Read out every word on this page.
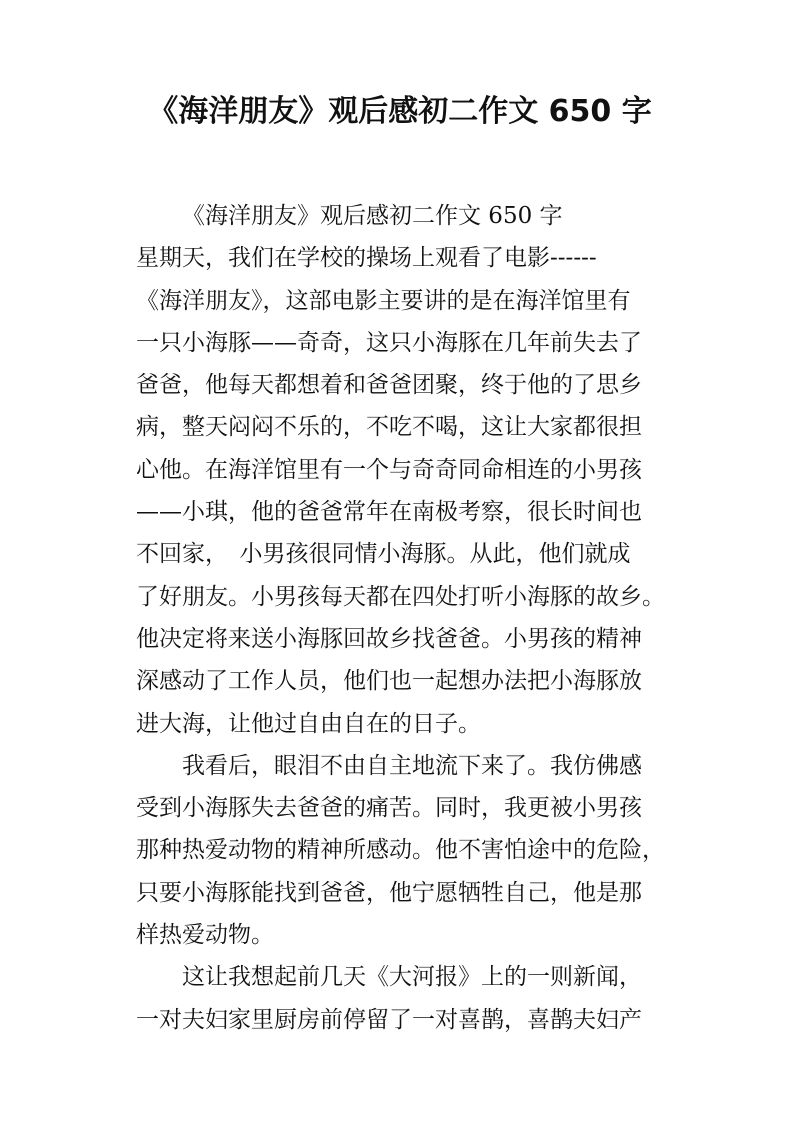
《海洋朋友》观后感初二作文 650 字
《海洋朋友》观后感初二作文 650 字
星期天，我们在学校的操场上观看了电影------
《海洋朋友》，这部电影主要讲的是在海洋馆里有
一只小海豚——奇奇，这只小海豚在几年前失去了
爸爸，他每天都想着和爸爸团聚，终于他的了思乡
病，整天闷闷不乐的，不吃不喝，这让大家都很担
心他。在海洋馆里有一个与奇奇同命相连的小男孩
——小琪，他的爸爸常年在南极考察，很长时间也
不回家，　小男孩很同情小海豚。从此，他们就成
了好朋友。小男孩每天都在四处打听小海豚的故乡。
他决定将来送小海豚回故乡找爸爸。小男孩的精神
深感动了工作人员，他们也一起想办法把小海豚放
进大海，让他过自由自在的日子。
我看后，眼泪不由自主地流下来了。我仿佛感
受到小海豚失去爸爸的痛苦。同时，我更被小男孩
那种热爱动物的精神所感动。他不害怕途中的危险，
只要小海豚能找到爸爸，他宁愿牺牲自己，他是那
样热爱动物。
这让我想起前几天《大河报》上的一则新闻，
一对夫妇家里厨房前停留了一对喜鹊，喜鹊夫妇产
